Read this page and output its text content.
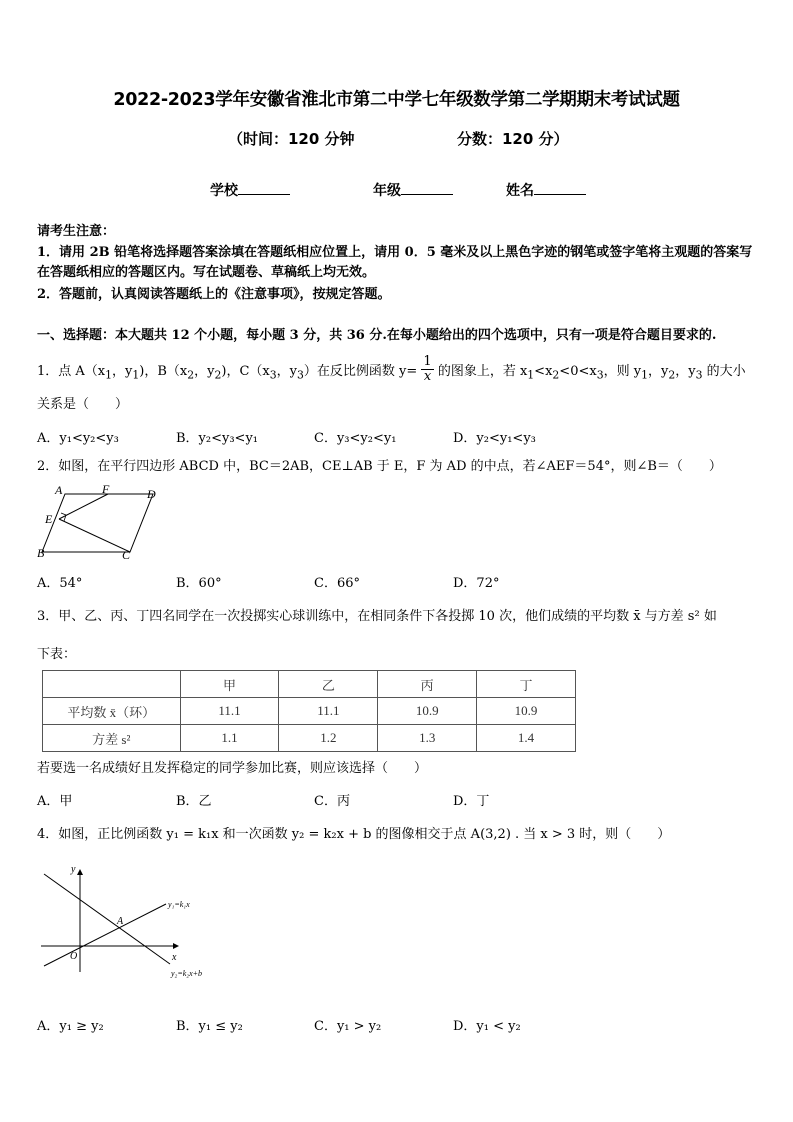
2022-2023学年安徽省淮北市第二中学七年级数学第二学期期末考试试题
（时间：120 分钟	分数：120 分）
学校	年级	姓名
请考生注意：
1．请用 2B 铅笔将选择题答案涂填在答题纸相应位置上，请用 0．5 毫米及以上黑色字迹的钢笔或签字笔将主观题的答案写在答题纸相应的答题区内。写在试题卷、草稿纸上均无效。
2．答题前，认真阅读答题纸上的《注意事项》，按规定答题。
一、选择题：本大题共 12 个小题，每小题 3 分，共 36 分.在每小题给出的四个选项中，只有一项是符合题目要求的.
1．点 $A(x_1$，$y_1$)，$B(x_2$，$y_2$)，$C(x_3$，$y_3$）在反比例函数 $y= \frac{1}{x}$ 的图象上，若 $x_1<x_2<0<x_3$，则 $y_1$，$y_2$，$y_3$ 的大小
关系是（　　）
A．y₁<y₂<y₃	B．y₂<y₃<y₁	C．y₃<y₂<y₁	D．y₂<y₁<y₃
2．如图，在平行四边形 ABCD 中，BC＝2AB，CE⊥AB 于 E，F 为 AD 的中点，若∠AEF＝54°，则∠B＝（　　）
A	F	D
E
B	C
A．54°	B．60°	C．66°	D．72°
3．甲、乙、丙、丁四名同学在一次投掷实心球训练中，在相同条件下各投掷 10 次，他们成绩的平均数 x̄ 与方差 s² 如
下表：
	甲	乙	丙	丁
平均数 x̄（环）	11.1	11.1	10.9	10.9
方差 s²	1.1	1.2	1.3	1.4
若要选一名成绩好且发挥稳定的同学参加比赛，则应该选择（　　）
A．甲	B．乙	C．丙	D．丁
4．如图，正比例函数 y₁ = k₁x 和一次函数 y₂ = k₂x + b 的图像相交于点 A(3,2) . 当 x > 3 时，则（　　）
y
x
O
A
y₁=k₁x
y₂=k₂x+b
A．y₁ ≥ y₂	B．y₁ ≤ y₂	C．y₁ > y₂	D．y₁ < y₂
